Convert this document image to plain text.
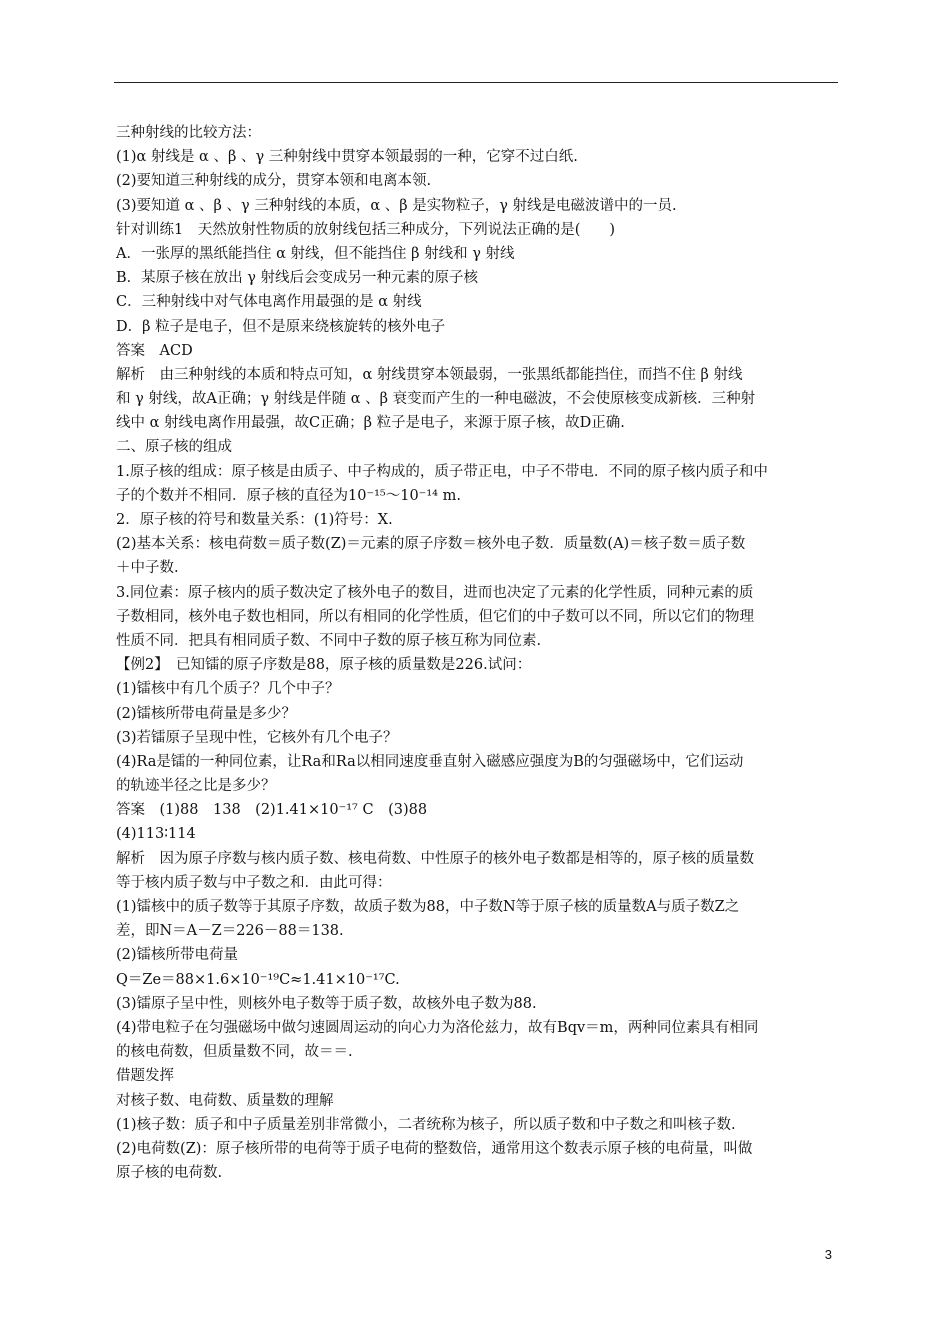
三种射线的比较方法：
(1)α 射线是 α 、β 、γ 三种射线中贯穿本领最弱的一种，它穿不过白纸.
(2)要知道三种射线的成分，贯穿本领和电离本领.
(3)要知道 α 、β 、γ 三种射线的本质，α 、β 是实物粒子，γ 射线是电磁波谱中的一员.
针对训练1　天然放射性物质的放射线包括三种成分，下列说法正确的是(　　)
A．一张厚的黑纸能挡住 α 射线，但不能挡住 β 射线和 γ 射线
B．某原子核在放出 γ 射线后会变成另一种元素的原子核
C．三种射线中对气体电离作用最强的是 α 射线
D．β 粒子是电子，但不是原来绕核旋转的核外电子
答案　ACD
解析　由三种射线的本质和特点可知，α 射线贯穿本领最弱，一张黑纸都能挡住，而挡不住 β 射线
和 γ 射线，故A正确；γ 射线是伴随 α 、β 衰变而产生的一种电磁波，不会使原核变成新核．三种射
线中 α 射线电离作用最强，故C正确；β 粒子是电子，来源于原子核，故D正确.
二、原子核的组成
1.原子核的组成：原子核是由质子、中子构成的，质子带正电，中子不带电．不同的原子核内质子和中
子的个数并不相同．原子核的直径为10⁻¹⁵～10⁻¹⁴ m.
2．原子核的符号和数量关系：(1)符号：X.
(2)基本关系：核电荷数＝质子数(Z)＝元素的原子序数＝核外电子数．质量数(A)＝核子数＝质子数
＋中子数.
3.同位素：原子核内的质子数决定了核外电子的数目，进而也决定了元素的化学性质，同种元素的质
子数相同，核外电子数也相同，所以有相同的化学性质，但它们的中子数可以不同，所以它们的物理
性质不同．把具有相同质子数、不同中子数的原子核互称为同位素.
【例2】　已知镭的原子序数是88，原子核的质量数是226.试问：
(1)镭核中有几个质子？几个中子？
(2)镭核所带电荷量是多少？
(3)若镭原子呈现中性，它核外有几个电子？
(4)Ra是镭的一种同位素，让Ra和Ra以相同速度垂直射入磁感应强度为B的匀强磁场中，它们运动
的轨迹半径之比是多少？
答案　(1)88　138　(2)1.41×10⁻¹⁷ C　(3)88
(4)113∶114
解析　因为原子序数与核内质子数、核电荷数、中性原子的核外电子数都是相等的，原子核的质量数
等于核内质子数与中子数之和．由此可得：
(1)镭核中的质子数等于其原子序数，故质子数为88，中子数N等于原子核的质量数A与质子数Z之
差，即N＝A－Z＝226－88＝138.
(2)镭核所带电荷量
Q＝Ze＝88×1.6×10⁻¹⁹C≈1.41×10⁻¹⁷C.
(3)镭原子呈中性，则核外电子数等于质子数，故核外电子数为88.
(4)带电粒子在匀强磁场中做匀速圆周运动的向心力为洛伦兹力，故有Bqv＝m，两种同位素具有相同
的核电荷数，但质量数不同，故＝＝.
借题发挥
对核子数、电荷数、质量数的理解
(1)核子数：质子和中子质量差别非常微小，二者统称为核子，所以质子数和中子数之和叫核子数.
(2)电荷数(Z)：原子核所带的电荷等于质子电荷的整数倍，通常用这个数表示原子核的电荷量，叫做
原子核的电荷数.
3
